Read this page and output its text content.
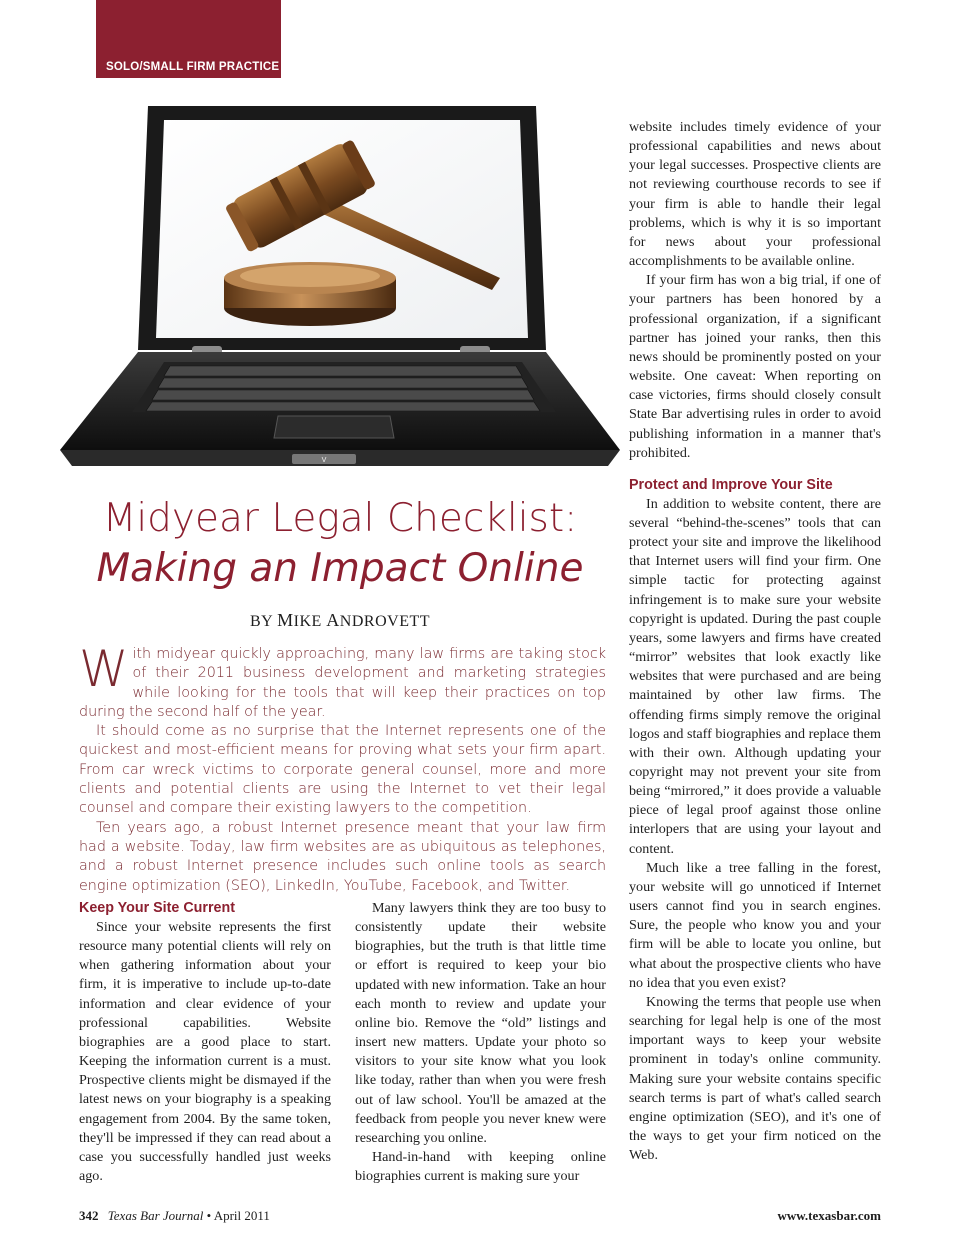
SOLO/SMALL FIRM PRACTICE
V
Midyear Legal Checklist:
Making an Impact Online
BY MIKE ANDROVETT

With midyear quickly approaching, many law firms are taking stock of their 2011 business development and marketing strategies while looking for the tools that will keep their practices on top during the second half of the year.

It should come as no surprise that the Internet represents one of the quickest and most-efficient means for proving what sets your firm apart. From car wreck victims to corporate general counsel, more and more clients and potential clients are using the Internet to vet their legal counsel and compare their existing lawyers to the competition.

Ten years ago, a robust Internet presence meant that your law firm had a website. Today, law firm websites are as ubiquitous as telephones, and a robust Internet presence includes such online tools as search engine optimization (SEO), LinkedIn, YouTube, Facebook, and Twitter.

Keep Your Site Current

Since your website represents the first resource many potential clients will rely on when gathering information about your firm, it is imperative to include up-to-date information and clear evidence of your professional capabilities. Website biographies are a good place to start. Keeping the information current is a must. Prospective clients might be dismayed if the latest news on your biography is a speaking engagement from 2004. By the same token, they'll be impressed if they can read about a case you successfully handled just weeks ago.

Many lawyers think they are too busy to consistently update their website biographies, but the truth is that little time or effort is required to keep your bio updated with new information. Take an hour each month to review and update your online bio. Remove the “old” listings and insert new matters. Update your photo so visitors to your site know what you look like today, rather than when you were fresh out of law school. You'll be amazed at the feedback from people you never knew were researching you online.

Hand-in-hand with keeping online biographies current is making sure your

website includes timely evidence of your professional capabilities and news about your legal successes. Prospective clients are not reviewing courthouse records to see if your firm is able to handle their legal problems, which is why it is so important for news about your professional accomplishments to be available online.

If your firm has won a big trial, if one of your partners has been honored by a professional organization, if a significant partner has joined your ranks, then this news should be prominently posted on your website. One caveat: When reporting on case victories, firms should closely consult State Bar advertising rules in order to avoid publishing information in a manner that's prohibited.

Protect and Improve Your Site

In addition to website content, there are several “behind-the-scenes” tools that can protect your site and improve the likelihood that Internet users will find your firm. One simple tactic for protecting against infringement is to make sure your website copyright is updated. During the past couple years, some lawyers and firms have created “mirror” websites that look exactly like websites that were purchased and are being maintained by other law firms. The offending firms simply remove the original logos and staff biographies and replace them with their own. Although updating your copyright may not prevent your site from being “mirrored,” it does provide a valuable piece of legal proof against those online interlopers that are using your layout and content.

Much like a tree falling in the forest, your website will go unnoticed if Internet users cannot find you in search engines. Sure, the people who know you and your firm will be able to locate you online, but what about the prospective clients who have no idea that you even exist?

Knowing the terms that people use when searching for legal help is one of the most important ways to keep your website prominent in today's online community. Making sure your website contains specific search terms is part of what's called search engine optimization (SEO), and it's one of the ways to get your firm noticed on the Web.

342 Texas Bar Journal • April 2011	www.texasbar.com
